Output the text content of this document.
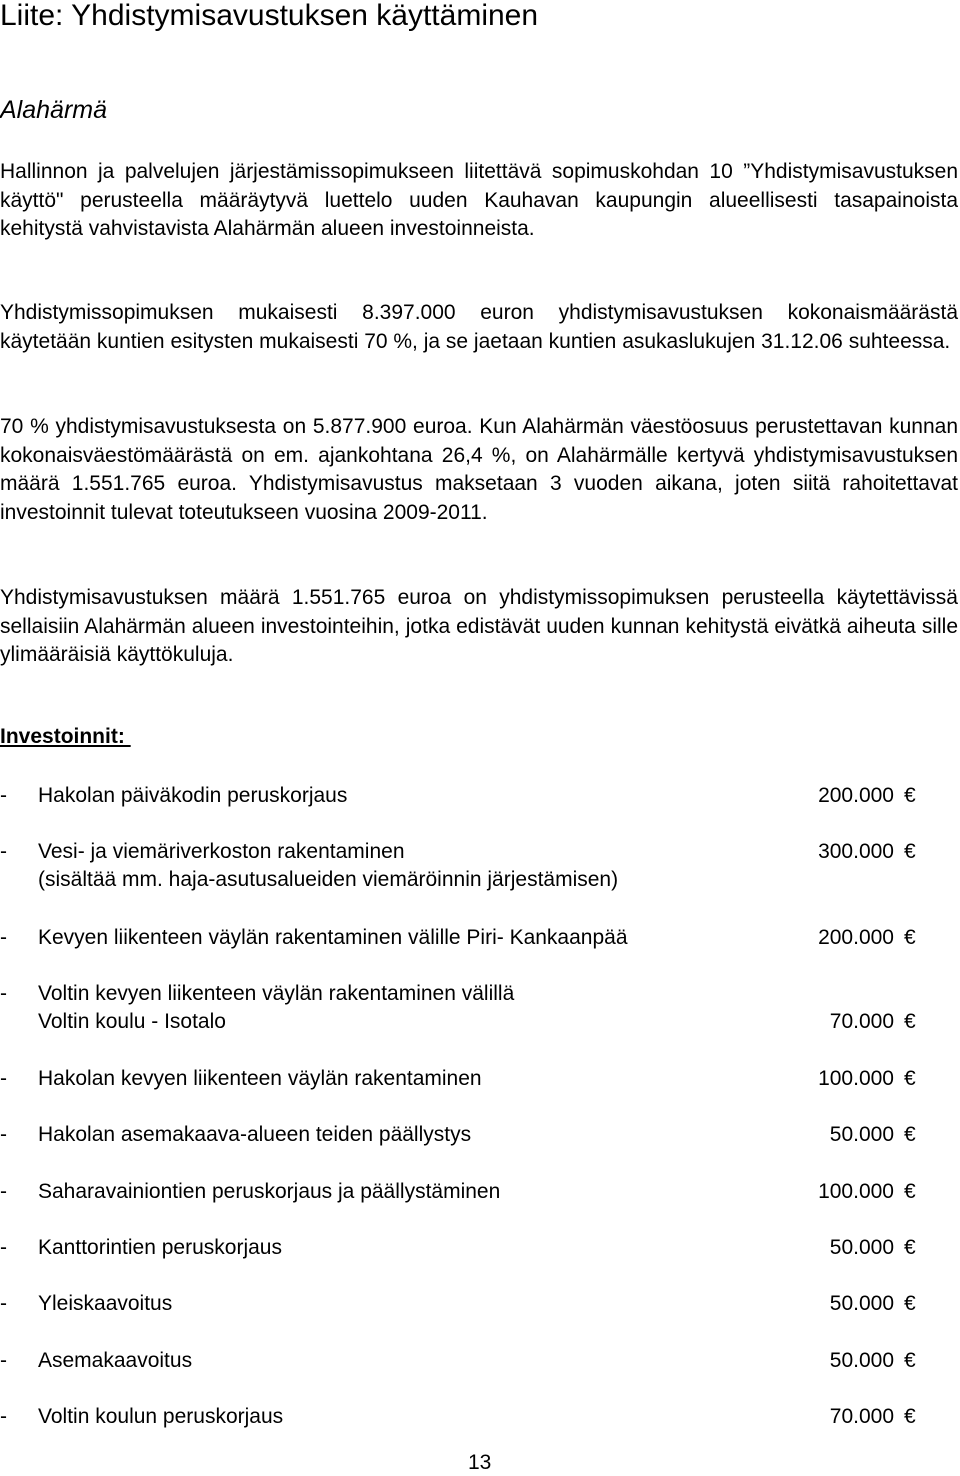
Liite: Yhdistymisavustuksen käyttäminen
Alahärmä

Hallinnon ja palvelujen järjestämissopimukseen liitettävä sopimuskohdan 10 ”Yhdistymisavustuksen käyttö" perusteella määräytyvä luettelo uuden Kauhavan kaupungin alueellisesti tasapainoista kehitystä vahvistavista Alahärmän alueen investoinneista.

Yhdistymissopimuksen mukaisesti 8.397.000 euron yhdistymisavustuksen kokonaismäärästä käytetään kuntien esitysten mukaisesti 70 %, ja se jaetaan kuntien asukaslukujen 31.12.06 suhteessa.

70 % yhdistymisavustuksesta on 5.877.900 euroa. Kun Alahärmän väestöosuus perustettavan kunnan kokonaisväestömäärästä on em. ajankohtana 26,4 %, on Alahärmälle kertyvä yhdistymisavustuksen määrä 1.551.765 euroa. Yhdistymisavustus maksetaan 3 vuoden aikana, joten siitä rahoitettavat investoinnit tulevat toteutukseen vuosina 2009-2011.

Yhdistymisavustuksen määrä 1.551.765 euroa on yhdistymissopimuksen perusteella käytettävissä sellaisiin Alahärmän alueen investointeihin, jotka edistävät uuden kunnan kehitystä eivätkä aiheuta sille ylimääräisiä käyttökuluja.

Investoinnit:
- Hakolan päiväkodin peruskorjaus	200.000 €
- Vesi- ja viemäriverkoston rakentaminen	300.000 €
(sisältää mm. haja-asutusalueiden viemäröinnin järjestämisen)
- Kevyen liikenteen väylän rakentaminen välille Piri- Kankaanpää	200.000 €
- Voltin kevyen liikenteen väylän rakentaminen välillä
Voltin koulu - Isotalo	70.000 €
- Hakolan kevyen liikenteen väylän rakentaminen	100.000 €
- Hakolan asemakaava-alueen teiden päällystys	50.000 €
- Saharavainiontien peruskorjaus ja päällystäminen	100.000 €
- Kanttorintien peruskorjaus	50.000 €
- Yleiskaavoitus	50.000 €
- Asemakaavoitus	50.000 €
- Voltin koulun peruskorjaus	70.000 €
13
